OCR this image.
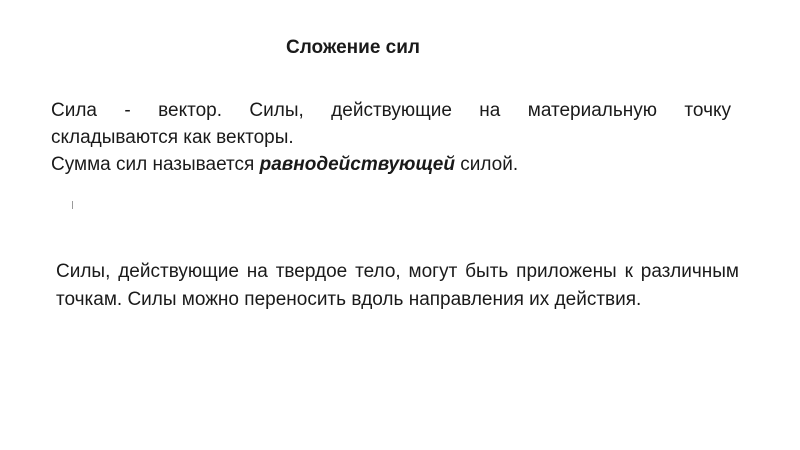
Сложение сил

Сила - вектор. Силы, действующие на материальную точку

складываются как векторы.

Сумма сил называется равнодействующей силой.

Силы, действующие на твердое тело, могут быть приложены к различным точкам. Силы можно переносить вдоль направления их действия.
